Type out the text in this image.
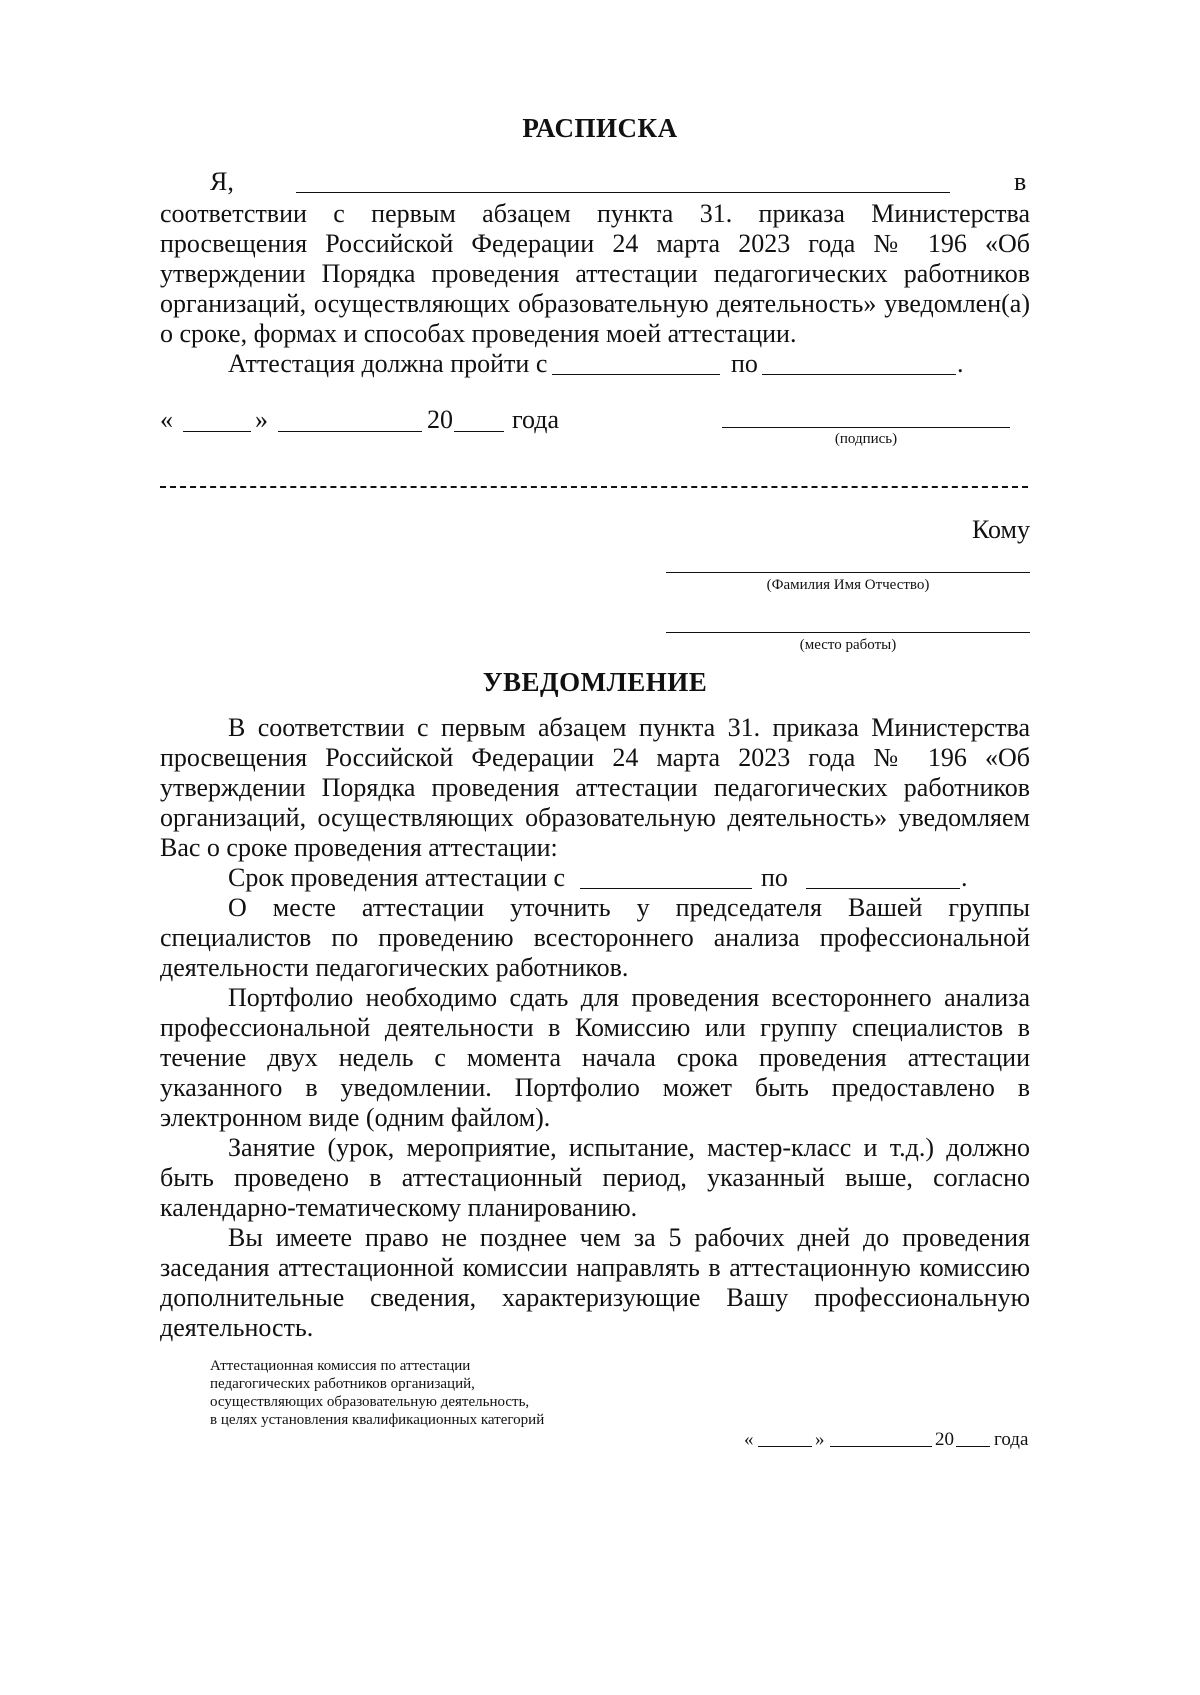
РАСПИСКА
Я,	в
соответствии с первым абзацем пункта 31. приказа Министерства
просвещения Российской Федерации 24 марта 2023 года № 196 «Об
утверждении Порядка проведения аттестации педагогических работников
организаций, осуществляющих образовательную деятельность» уведомлен(а)
о сроке, формах и способах проведения моей аттестации.
Аттестация должна пройти с	по	.
«	»	20 года
(подпись)
Кому
(Фамилия Имя Отчество)
(место работы)
УВЕДОМЛЕНИЕ
В соответствии с первым абзацем пункта 31. приказа Министерства
просвещения Российской Федерации 24 марта 2023 года № 196 «Об
утверждении Порядка проведения аттестации педагогических работников
организаций, осуществляющих образовательную деятельность» уведомляем
Вас о сроке проведения аттестации:
Срок проведения аттестации с	по	.
О месте аттестации уточнить у председателя Вашей группы
специалистов по проведению всестороннего анализа профессиональной
деятельности педагогических работников.
Портфолио необходимо сдать для проведения всестороннего анализа
профессиональной деятельности в Комиссию или группу специалистов в
течение двух недель с момента начала срока проведения аттестации
указанного в уведомлении. Портфолио может быть предоставлено в
электронном виде (одним файлом).
Занятие (урок, мероприятие, испытание, мастер-класс и т.д.) должно
быть проведено в аттестационный период, указанный выше, согласно
календарно-тематическому планированию.
Вы имеете право не позднее чем за 5 рабочих дней до проведения
заседания аттестационной комиссии направлять в аттестационную комиссию
дополнительные сведения, характеризующие Вашу профессиональную
деятельность.
Аттестационная комиссия по аттестации
педагогических работников организаций,
осуществляющих образовательную деятельность,
в целях установления квалификационных категорий
«	»	20 года
